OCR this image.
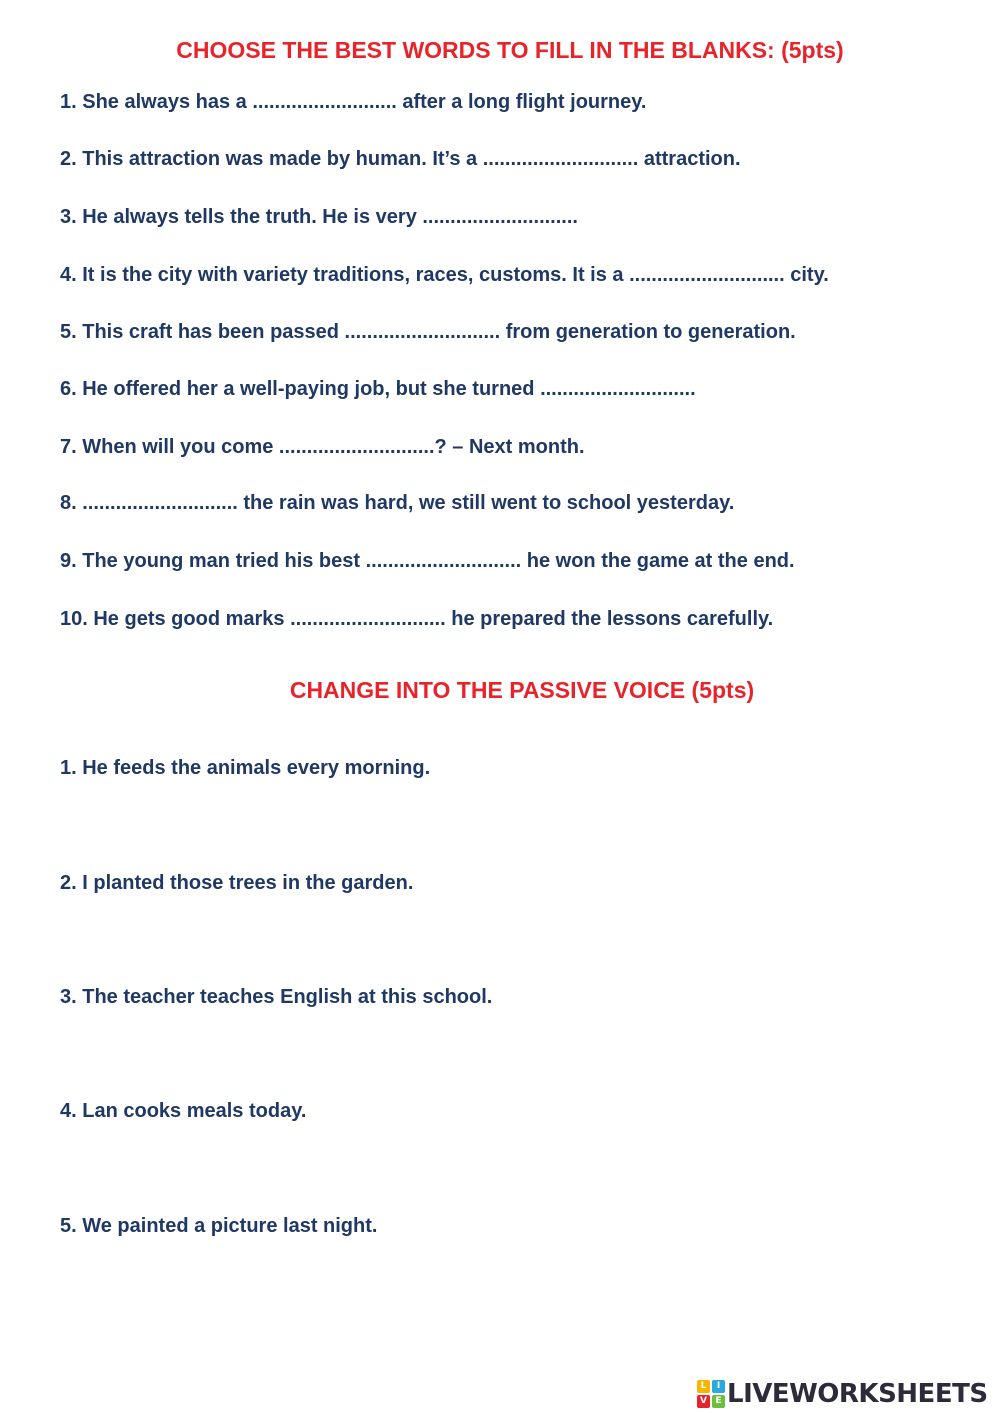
CHOOSE THE BEST WORDS TO FILL IN THE BLANKS: (5pts)
1. She always has a .......................... after a long flight journey.
2. This attraction was made by human. It’s a ............................ attraction.
3. He always tells the truth. He is very ............................
4. It is the city with variety traditions, races, customs. It is a ............................ city.
5. This craft has been passed ............................ from generation to generation.
6. He offered her a well-paying job, but she turned ............................
7. When will you come ............................? – Next month.
8. ............................ the rain was hard, we still went to school yesterday.
9. The young man tried his best ............................ he won the game at the end.
10. He gets good marks ............................ he prepared the lessons carefully.
CHANGE INTO THE PASSIVE VOICE (5pts)
1. He feeds the animals every morning.
2. I planted those trees in the garden.
3. The teacher teaches English at this school.
4. Lan cooks meals today.
5. We painted a picture last night.
L	I
V E LIVEWORKSHEETS
